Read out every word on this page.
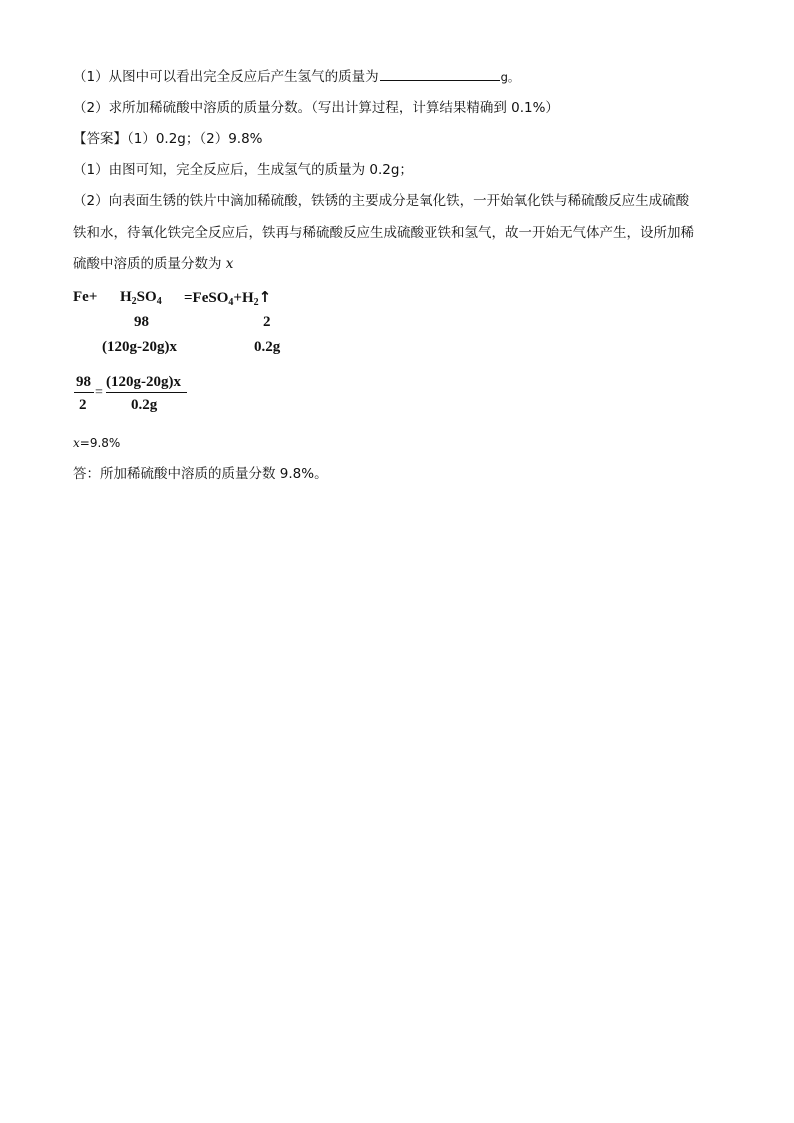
（1）从图中可以看出完全反应后产生氢气的质量为	g。
（2）求所加稀硫酸中溶质的质量分数。（写出计算过程，计算结果精确到 0.1%）
【答案】（1）0.2g；（2）9.8%
（1）由图可知，完全反应后，生成氢气的质量为 0.2g；
（2）向表面生锈的铁片中滴加稀硫酸，铁锈的主要成分是氧化铁，一开始氧化铁与稀硫酸反应生成硫酸
铁和水，待氧化铁完全反应后，铁再与稀硫酸反应生成硫酸亚铁和氢气，故一开始无气体产生，设所加稀
硫酸中溶质的质量分数为 x
$Fe+ H_2SO_4$ $=FeSO_4+H_2↑$
98	2
(120g-20g)x	0.2g
98
2
=
(120g-20g)x
0.2g
x=9.8%
答：所加稀硫酸中溶质的质量分数 9.8%。
